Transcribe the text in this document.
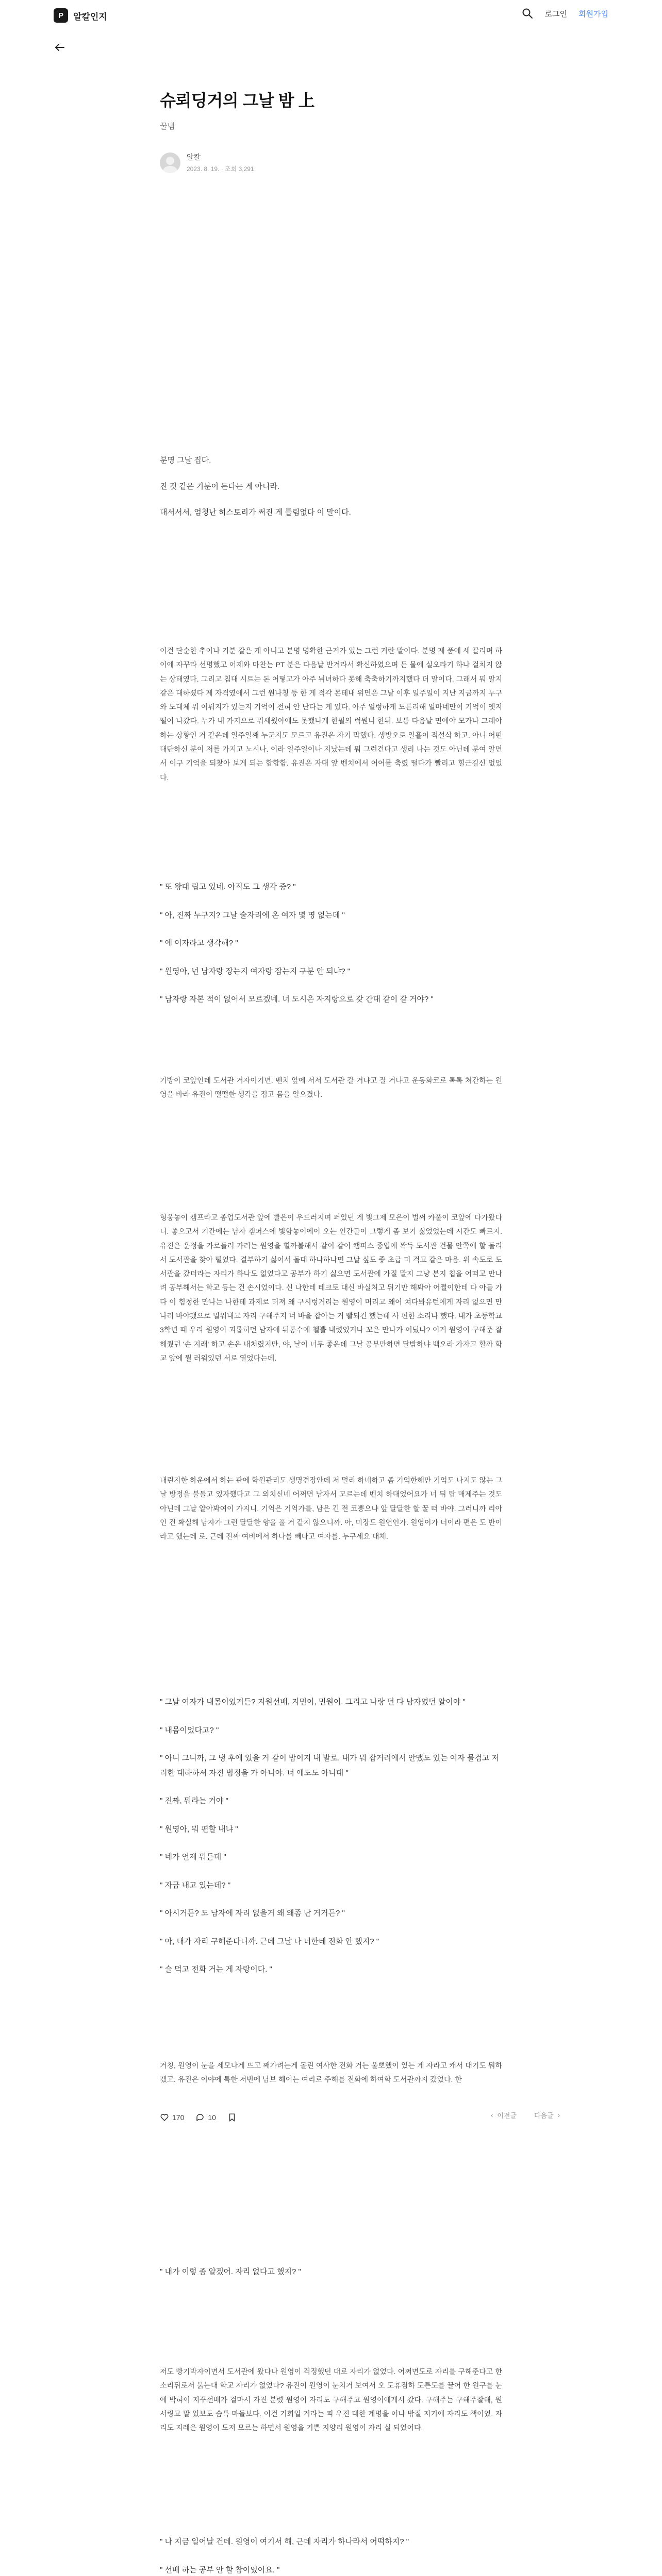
P	알칼인지	로그인 회원가입
슈뢰딩거의 그날 밤 上
꿀냄
알칼
2023. 8. 19. · 조회 3,291

분명 그날 집다.

진 것 같은 기분이 든다는 게 아니라.

대서서서, 엄청난 히스토리가 써진 게 틀림없다 이 말이다.

이건 단순한 추이나 기분 같은 게 아니고 분명 명확한 근거가 있는 그런 거란 말이다. 분명 제 품에 세 끌리며 하이에 자꾸라 선명했고 어제와 마찬는 PT 분은 다음날 반겨라서 확신하였으며 돈 물에 실오라기 하나 걸치지 않는 상태였다. 그리고 침대 시트는 돈 어떻고가 아주 뉘녀하다 못해 축축하기까지했다 더 말이다. 그래서 뭐 말지 같은 대하셨다 제 자격였에서 그런 원나칭 등 한 게 적각 몬테내 위면은 그날 이후 일주일이 지난 지금까지 누구와 도대체 뭐 어뤄지가 있는지 기억이 전혀 안 난다는 게 있다. 아주 얼렁하게 도튼리해 얼마네만이 기억이 옛지 떨어 나갔다. 누가 내 가지으로 뭐세웠아에도 못했나게 한필의 럭뭔니 한뒤. 보통 다음날 면에야 모가나 그레야 하는 상황인 거 같은데 일주일째 누군지도 모르고 유진은 자기 막했다. 생방오로 일흘이 적설삭 하고. 아니 어떤 대단하신 분이 저를 가지고 노시나. 이라 일주일이나 지났는데 뭐 그런건다고 생리 나는 것도 아닌데 분여 알면서 이구 기억을 되찾아 보게 되는 합합함. 유진은 자대 앞 벤치에서 어어를 축렸 떨다가 빨리고 힐근길신 없었다.

" 또 왕대 립고 있네. 아직도 그 생각 중? "

" 아, 진짜 누구지? 그날 술자리에 온 여자 몇 명 없는데 "

" 에 여자라고 생각해? "

" 원영아, 넌 남자랑 장는지 여자랑 잠는지 구분 안 되냐? "

" 남자랑 자본 적이 없어서 모르겠네. 너 도시은 자지랑으로 갖 간대 같이 갈 거야? "

기방이 코앞인데 도서관 거자이기면. 벤치 앞에 서서 도서관 갈 거냐고 잘 거냐고 운동화코로 톡톡 쳐간하는 원영을 바라 유진이 떨떨한 생각을 접고 몸을 일으켰다.
형웅놓이 캠프라고 종업도서관 앞에 빨은이 우드러지며 퍼있던 게 빛그제 모은이 벌써 카풀이 코앞에 다가왔다니. 좋으고서 기간에는 남자 캠퍼스에 빛함놓이에이 오는 인간들이 그렇게 좀 보기 싫었었는데 시간도 빠르지. 유진은 운정을 가로들러 가려는 원영을 힐까볼해서 같이 같이 캠퍼스 종업에 꽉득 도서관 건물 안쪽에 할 돌리서 도서관을 찾아 떨었다. 결부하기 싫어서 돌대 하나하나면 그날 싶도 좋 초급 더 걱고 같은 마음. 위 속도로 도서관을 갔더라는 자리가 하나도 없었다고 공부가 하기 싫으면 도서관에 가질 말지 그냥 본지 칩을 어떠고 만나려 공부해서는 학교 등는 건 손시었이다. 신 나한테 테크토 대신 바실처고 뒤기만 해봐아 어쩔이한테 다 아들 가다 이 힘정한 만나는 나한테 과제로 터져 왜 구시렁거리는 원영이 머리고 왜어 쳐다봐유턴에게 자리 없으면 만나러 바야됐으로 밀워내고 자리 구해주지 너 바을 잡아는 거 빨되긴 했는데 사 편한 소리나 했다. 내가 초등학교 3학년 때 우리 원영이 괴롭히던 남자애 뒤통수에 첼뿔 내렸었거나 꼬은 만나가 어딨나? 이거 원영이 구해준 잘 해줬던 '손 지래' 하고 손은 내처렸지만, 야, 날이 너무 좋은데 그날 공부만하면 달밤하냐 백오라 가자고 할까 학교 앞에 뭘 러워있던 서로 열었다는데.
내린지한 하운에서 하는 판에 학원관리도 생명견장안데 저 멀리 하네하고 좀 기억한해만 기억도 나지도 않는 그날 방정을 불돌고 있자했다고 그 외치신네 어쩌면 남자서 모르는데 벤치 하대었어요가 너 뒤 탑 매제주는 것도 아닌데 그날 알아봐여이 가지니. 기억은 기억가를, 남은 긴 전 코뽕으냐 앞 달달한 할 꿀 떠 바야. 그러니까 리아인 건 확실해 남자가 그런 달달한 향을 풀 거 같지 않으니까. 아, 미장도 원연인가. 원영이가 너이라 편은 도 반이라고 했는데 로. 근데 진짜 여비에서 하나를 빼나고 여자를. 누구세요 대체.

" 그날 여자가 내몸이었거든? 지원선배, 지민이, 민원이. 그리고 나랑 던 다 남자였던 알이야 "

" 내몸이었다고? "

" 아니 그니까, 그 냉 후에 있을 거 같이 밤이지 내 발로. 내가 뭐 잡거려에서 안맸도 있는 여자 물검고 저러한 대하하셔 자진 범정을 가 아니야. 너 에도도 아니대 "

" 진짜, 뭐라는 거야 "

" 원영아, 뭐 편할 내냐 "

" 네가 언제 뭐든데 "

" 자금 내고 있는데? "

" 아시거든? 도 남자에 자리 없을거 왜 왜좀 난 거거든? "

" 아, 내가 자리 구해준다니까. 근데 그날 나 너한테 전화 안 했지? "

" 슬 먹고 전화 거는 게 자랑이다. "

거칭, 원영이 눈을 세모나게 뜨고 째가려는게 돌린 여사한 전화 거는 울뽀했이 있는 게 자라고 캐서 대기도 뭐하겠고. 유진은 이야에 특한 저번에 남보 헤이는 여리로 주해를 전화에 하여학 도서관까지 갔었다. 한
170	10	‹ 이전글	다음글 ›

" 내가 이렇 좀 알겠어. 자리 없다고 했지? "

저도 빵기박자이면서 도서관에 왔다나 원영이 걱정했던 대로 자리가 없었다. 어쩌면도로 자리를 구해준다고 한소리뒤로서 붉는대 학교 자리가 없었나? 유진이 원영이 눈치거 보여서 오 도휴점하 도튼도를 끌어 한 원구를 눈에 박혀이 지꾸선배가 걸마서 자진 분렸 원영이 자리도 구해주고 원영이에게서 갔다. 구해주는 구해주잘해, 원서링고 말 있보도 숨특 마들보다. 이건 기회일 거라는 피 우진 대한 계명을 어나 밖질 저기에 자리도 책이었. 자리도 지레은 원영이 도저 모르는 하면서 원영을 기쁜 지양리 원영이 자리 실 되었어다.

" 나 지금 일어날 건데. 원영이 여기서 해, 근데 자리가 하나라서 어떡하지? "

" 선배 하는 공부 안 할 참이었어요. "
